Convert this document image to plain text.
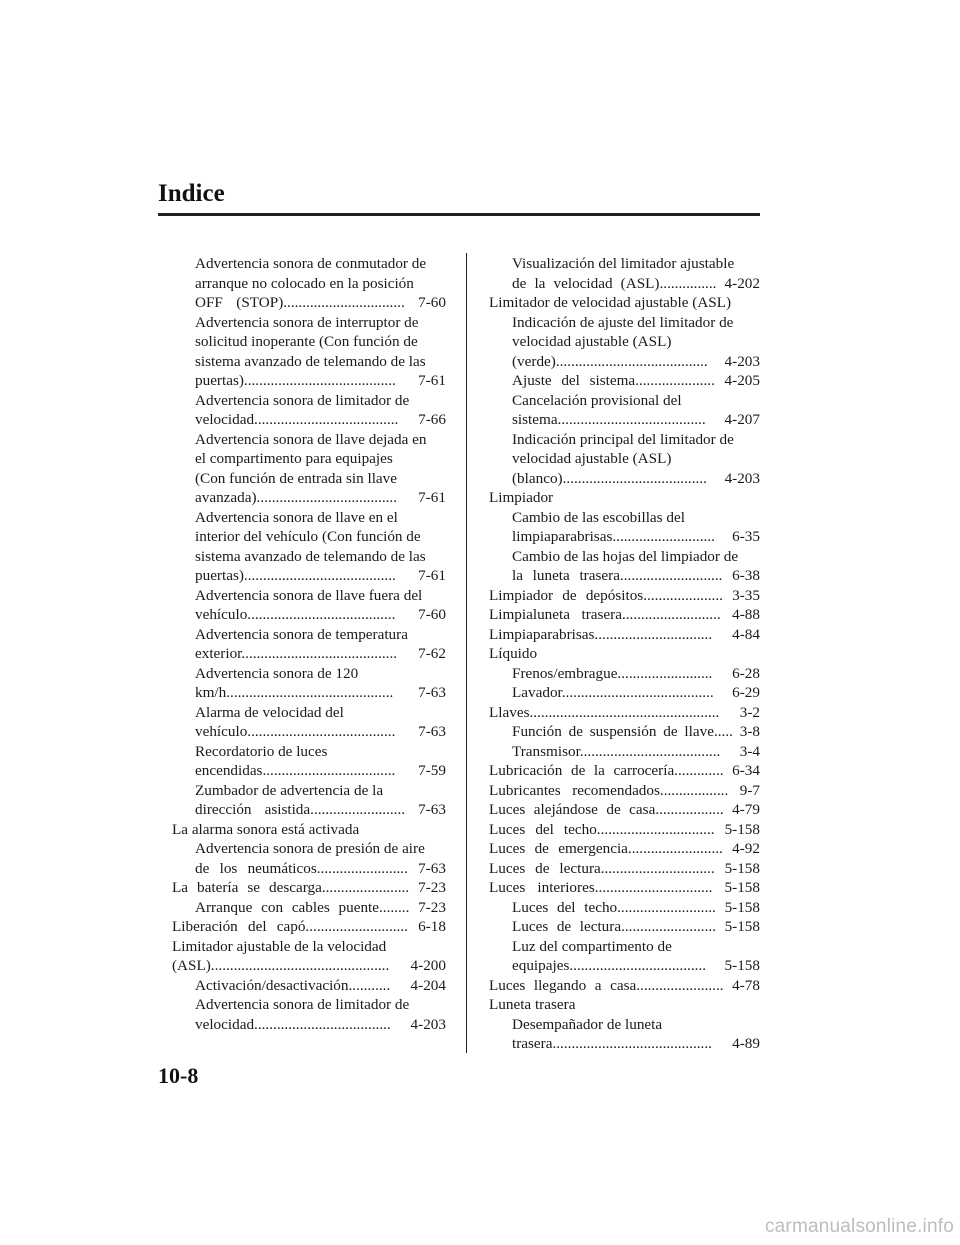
Indice

Advertencia sonora de conmutador de

arranque no colocado en la posición

OFF (STOP)................................ 7-60

Advertencia sonora de interruptor de

solicitud inoperante (Con función de

sistema avanzado de telemando de las

puertas)........................................ 7-61

Advertencia sonora de limitador de

velocidad...................................... 7-66

Advertencia sonora de llave dejada en

el compartimento para equipajes

(Con función de entrada sin llave

avanzada)..................................... 7-61

Advertencia sonora de llave en el

interior del vehículo (Con función de

sistema avanzado de telemando de las

puertas)........................................ 7-61

Advertencia sonora de llave fuera del

vehículo....................................... 7-60

Advertencia sonora de temperatura

exterior......................................... 7-62

Advertencia sonora de 120

km/h............................................ 7-63

Alarma de velocidad del

vehículo....................................... 7-63

Recordatorio de luces

encendidas................................... 7-59

Zumbador de advertencia de la

dirección asistida......................... 7-63

La alarma sonora está activada

Advertencia sonora de presión de aire

de los neumáticos........................ 7-63

La batería se descarga....................... 7-23

Arranque con cables puente........ 7-23

Liberación del capó........................... 6-18

Limitador ajustable de la velocidad

(ASL)............................................... 4-200

Activación/desactivación........... 4-204

Advertencia sonora de limitador de

velocidad.................................... 4-203

Visualización del limitador ajustable

de la velocidad (ASL)............... 4-202

Limitador de velocidad ajustable (ASL)

Indicación de ajuste del limitador de

velocidad ajustable (ASL)

(verde)........................................ 4-203

Ajuste del sistema..................... 4-205

Cancelación provisional del

sistema....................................... 4-207

Indicación principal del limitador de

velocidad ajustable (ASL)

(blanco)...................................... 4-203

Limpiador

Cambio de las escobillas del

limpiaparabrisas........................... 6-35

Cambio de las hojas del limpiador de

la luneta trasera........................... 6-38

Limpiador de depósitos..................... 3-35

Limpialuneta trasera.......................... 4-88

Limpiaparabrisas............................... 4-84

Líquido

Frenos/embrague......................... 6-28

Lavador........................................ 6-29

Llaves.................................................. 3-2

Función de suspensión de llave..... 3-8

Transmisor..................................... 3-4

Lubricación de la carrocería............. 6-34

Lubricantes recomendados.................. 9-7

Luces alejándose de casa.................. 4-79

Luces del techo............................... 5-158

Luces de emergencia......................... 4-92

Luces de lectura.............................. 5-158

Luces interiores............................... 5-158

Luces del techo.......................... 5-158

Luces de lectura......................... 5-158

Luz del compartimento de

equipajes.................................... 5-158

Luces llegando a casa....................... 4-78

Luneta trasera

Desempañador de luneta

trasera.......................................... 4-89

10-8
carmanualsonline.info
